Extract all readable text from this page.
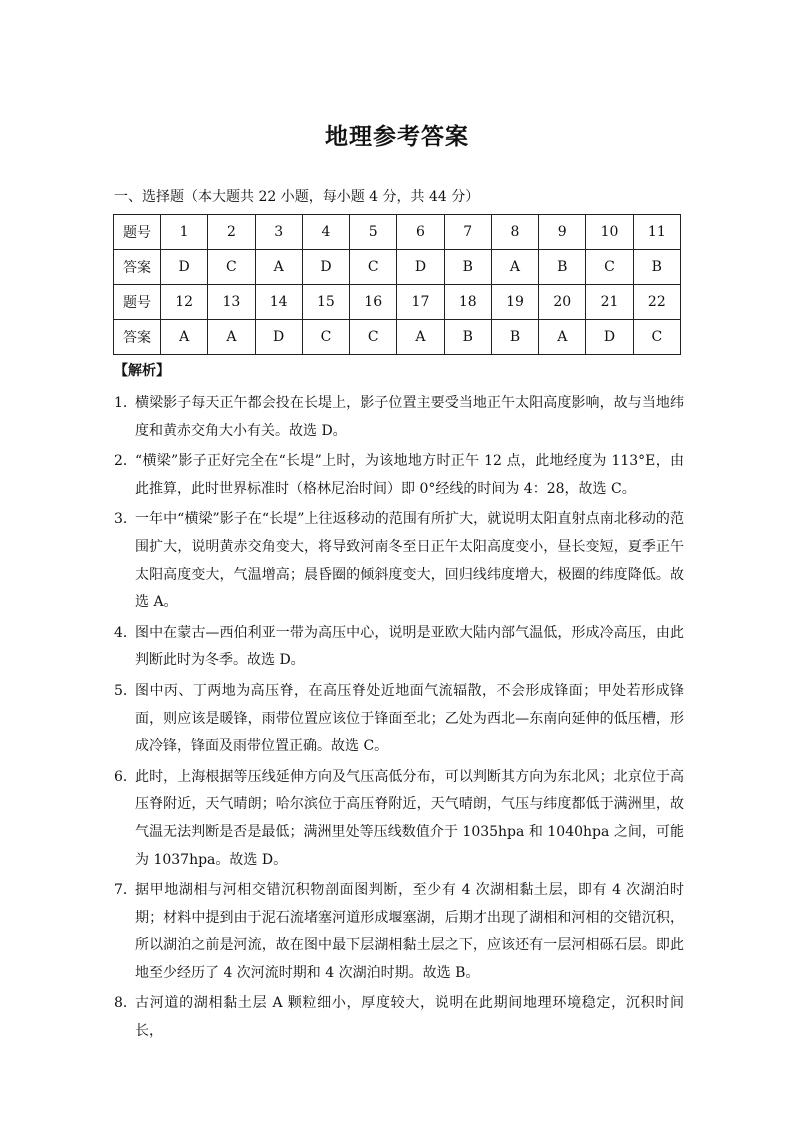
地理参考答案
一、选择题（本大题共 22 小题，每小题 4 分，共 44 分）
题号	1	2	3	4	5	6	7	8	9	10	11
答案	D	C	A	D	C	D	B	A	B	C	B
题号	12	13	14	15	16	17	18	19	20	21	22
答案	A	A	D	C	C	A	B	B	A	D	C
【解析】
1．
横梁影子每天正午都会投在长堤上，影子位置主要受当地正午太阳高度影响，故与当地纬度和黄赤交角大小有关。故选 D。
2．
“横梁”影子正好完全在“长堤”上时，为该地地方时正午 12 点，此地经度为 113°E，由此推算，此时世界标准时（格林尼治时间）即 0°经线的时间为 4：28，故选 C。
3．
一年中“横梁”影子在“长堤”上往返移动的范围有所扩大，就说明太阳直射点南北移动的范围扩大，说明黄赤交角变大，将导致河南冬至日正午太阳高度变小，昼长变短，夏季正午太阳高度变大，气温增高；晨昏圈的倾斜度变大，回归线纬度增大，极圈的纬度降低。故选 A。
4．
图中在蒙古—西伯利亚一带为高压中心，说明是亚欧大陆内部气温低，形成冷高压，由此判断此时为冬季。故选 D。
5．
图中丙、丁两地为高压脊，在高压脊处近地面气流辐散，不会形成锋面；甲处若形成锋面，则应该是暖锋，雨带位置应该位于锋面至北；乙处为西北—东南向延伸的低压槽，形成冷锋，锋面及雨带位置正确。故选 C。
6．
此时，上海根据等压线延伸方向及气压高低分布，可以判断其方向为东北风；北京位于高压脊附近，天气晴朗；哈尔滨位于高压脊附近，天气晴朗，气压与纬度都低于满洲里，故气温无法判断是否是最低；满洲里处等压线数值介于 1035hpa 和 1040hpa 之间，可能为 1037hpa。故选 D。
7．
据甲地湖相与河相交错沉积物剖面图判断，至少有 4 次湖相黏土层，即有 4 次湖泊时期；材料中提到由于泥石流堵塞河道形成堰塞湖，后期才出现了湖相和河相的交错沉积，所以湖泊之前是河流，故在图中最下层湖相黏土层之下，应该还有一层河相砾石层。即此地至少经历了 4 次河流时期和 4 次湖泊时期。故选 B。
8．
古河道的湖相黏土层 A 颗粒细小，厚度较大，说明在此期间地理环境稳定，沉积时间长，
